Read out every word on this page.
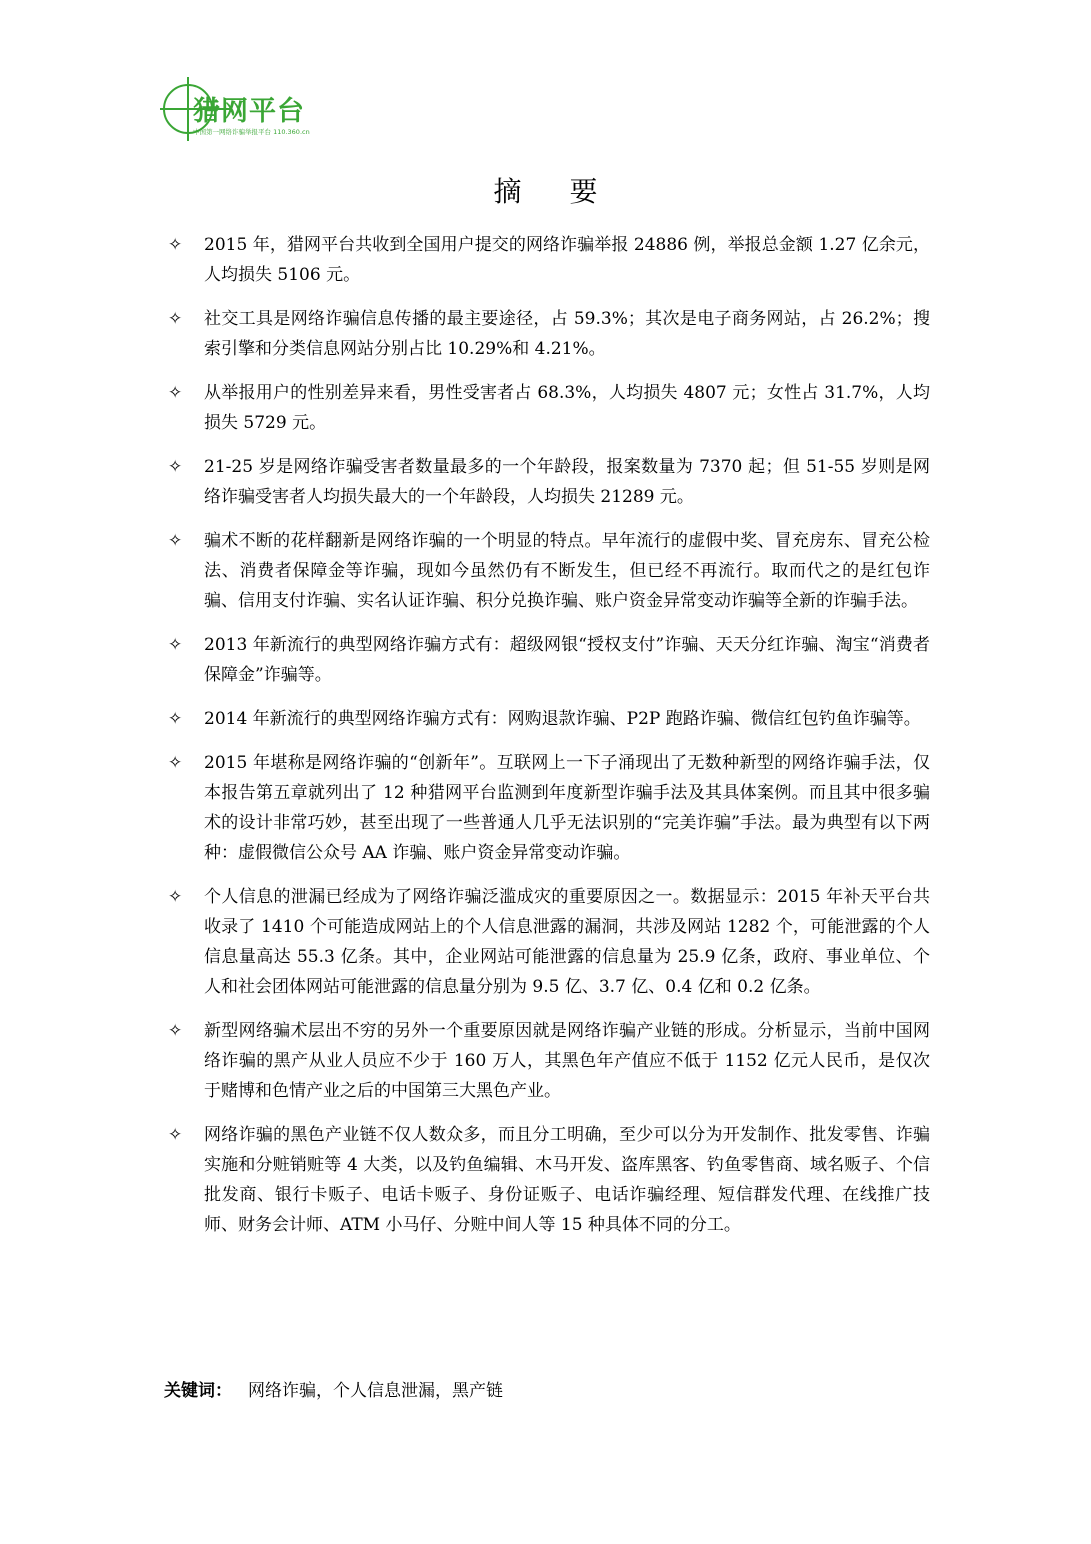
猎网平台
中国第一网络诈骗举报平台 110.360.cn
摘要
✧ 2015 年，猎网平台共收到全国用户提交的网络诈骗举报 24886 例，举报总金额 1.27 亿余元，人均损失 5106 元。
✧ 社交工具是网络诈骗信息传播的最主要途径，占 59.3%；其次是电子商务网站，占 26.2%；搜索引擎和分类信息网站分别占比 10.29%和 4.21%。
✧ 从举报用户的性别差异来看，男性受害者占 68.3%，人均损失 4807 元；女性占 31.7%，人均损失 5729 元。
✧ 21-25 岁是网络诈骗受害者数量最多的一个年龄段，报案数量为 7370 起；但 51-55 岁则是网络诈骗受害者人均损失最大的一个年龄段，人均损失 21289 元。
✧ 骗术不断的花样翻新是网络诈骗的一个明显的特点。早年流行的虚假中奖、冒充房东、冒充公检法、消费者保障金等诈骗，现如今虽然仍有不断发生，但已经不再流行。取而代之的是红包诈骗、信用支付诈骗、实名认证诈骗、积分兑换诈骗、账户资金异常变动诈骗等全新的诈骗手法。
✧ 2013 年新流行的典型网络诈骗方式有：超级网银“授权支付”诈骗、天天分红诈骗、淘宝“消费者保障金”诈骗等。
✧ 2014 年新流行的典型网络诈骗方式有：网购退款诈骗、P2P 跑路诈骗、微信红包钓鱼诈骗等。
✧ 2015 年堪称是网络诈骗的“创新年”。互联网上一下子涌现出了无数种新型的网络诈骗手法，仅本报告第五章就列出了 12 种猎网平台监测到年度新型诈骗手法及其具体案例。而且其中很多骗术的设计非常巧妙，甚至出现了一些普通人几乎无法识别的“完美诈骗”手法。最为典型有以下两种：虚假微信公众号 AA 诈骗、账户资金异常变动诈骗。
✧ 个人信息的泄漏已经成为了网络诈骗泛滥成灾的重要原因之一。数据显示：2015 年补天平台共收录了 1410 个可能造成网站上的个人信息泄露的漏洞，共涉及网站 1282 个，可能泄露的个人信息量高达 55.3 亿条。其中，企业网站可能泄露的信息量为 25.9 亿条，政府、事业单位、个人和社会团体网站可能泄露的信息量分别为 9.5 亿、3.7 亿、0.4 亿和 0.2 亿条。
✧ 新型网络骗术层出不穷的另外一个重要原因就是网络诈骗产业链的形成。分析显示，当前中国网络诈骗的黑产从业人员应不少于 160 万人，其黑色年产值应不低于 1152 亿元人民币，是仅次于赌博和色情产业之后的中国第三大黑色产业。
✧ 网络诈骗的黑色产业链不仅人数众多，而且分工明确，至少可以分为开发制作、批发零售、诈骗实施和分赃销赃等 4 大类，以及钓鱼编辑、木马开发、盗库黑客、钓鱼零售商、域名贩子、个信批发商、银行卡贩子、电话卡贩子、身份证贩子、电话诈骗经理、短信群发代理、在线推广技师、财务会计师、ATM 小马仔、分赃中间人等 15 种具体不同的分工。
关键词： 网络诈骗，个人信息泄漏，黑产链
